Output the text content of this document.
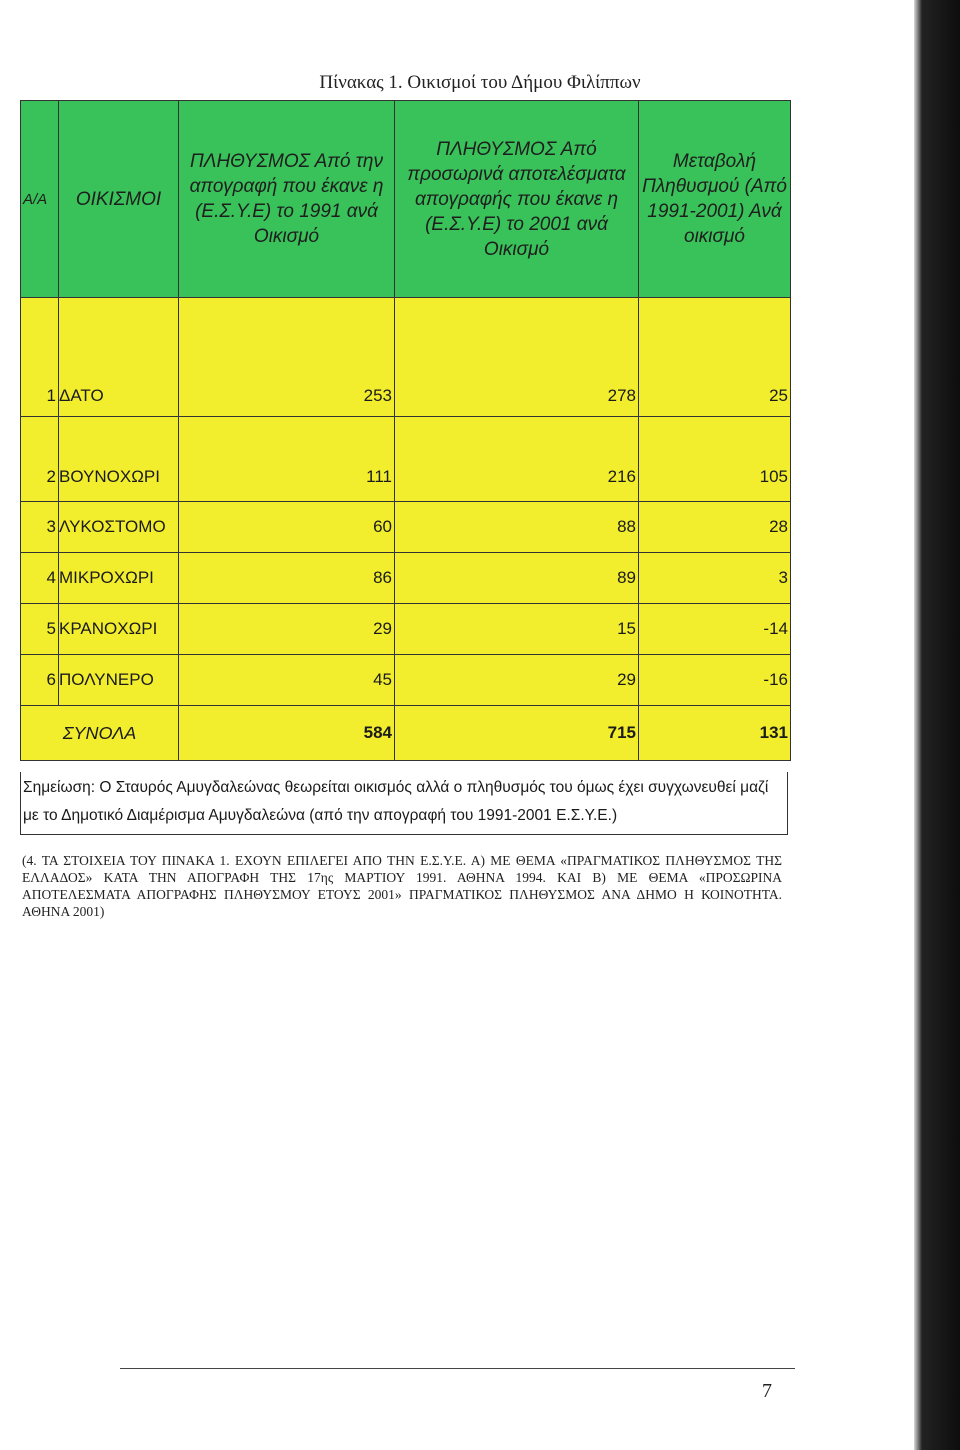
Πίνακας 1. Οικισμοί του Δήμου Φιλίππων
Α/Α	ΟΙΚΙΣΜΟΙ	ΠΛΗΘΥΣΜΟΣ Από την απογραφή που έκανε η (Ε.Σ.Υ.Ε) το 1991 ανά Οικισμό	ΠΛΗΘΥΣΜΟΣ Από προσωρινά αποτελέσματα απογραφής που έκανε η (Ε.Σ.Υ.Ε) το 2001 ανά Οικισμό	Μεταβολή Πληθυσμού (Από 1991-2001) Ανά οικισμό
1	ΔΑΤΟ	253	278	25
2	ΒΟΥΝΟΧΩΡΙ	111	216	105
3	ΛΥΚΟΣΤΟΜΟ	60	88	28
4	ΜΙΚΡΟΧΩΡΙ	86	89	3
5	ΚΡΑΝΟΧΩΡΙ	29	15	-14
6	ΠΟΛΥΝΕΡΟ	45	29	-16
ΣΥΝΟΛΑ		584	715	131
Σημείωση: Ο Σταυρός Αμυγδαλεώνας θεωρείται οικισμός αλλά ο πληθυσμός του όμως έχει συγχωνευθεί μαζί με το Δημοτικό Διαμέρισμα Αμυγδαλεώνα (από την απογραφή του 1991-2001 Ε.Σ.Υ.Ε.)
(4. ΤΑ ΣΤΟΙΧΕΙΑ ΤΟΥ ΠΙΝΑΚΑ 1. ΕΧΟΥΝ ΕΠΙΛΕΓΕΙ ΑΠΟ ΤΗΝ Ε.Σ.Υ.Ε. Α) ΜΕ ΘΕΜΑ «ΠΡΑΓΜΑΤΙΚΟΣ ΠΛΗΘΥΣΜΟΣ ΤΗΣ ΕΛΛΑΔΟΣ» ΚΑΤΑ ΤΗΝ ΑΠΟΓΡΑΦΗ ΤΗΣ 17ης ΜΑΡΤΙΟΥ 1991. ΑΘΗΝΑ 1994. ΚΑΙ Β) ΜΕ ΘΕΜΑ «ΠΡΟΣΩΡΙΝΑ ΑΠΟΤΕΛΕΣΜΑΤΑ ΑΠΟΓΡΑΦΗΣ ΠΛΗΘΥΣΜΟΥ ΕΤΟΥΣ 2001» ΠΡΑΓΜΑΤΙΚΟΣ ΠΛΗΘΥΣΜΟΣ ΑΝΑ ΔΗΜΟ Η ΚΟΙΝΟΤΗΤΑ. ΑΘΗΝΑ 2001)
7
